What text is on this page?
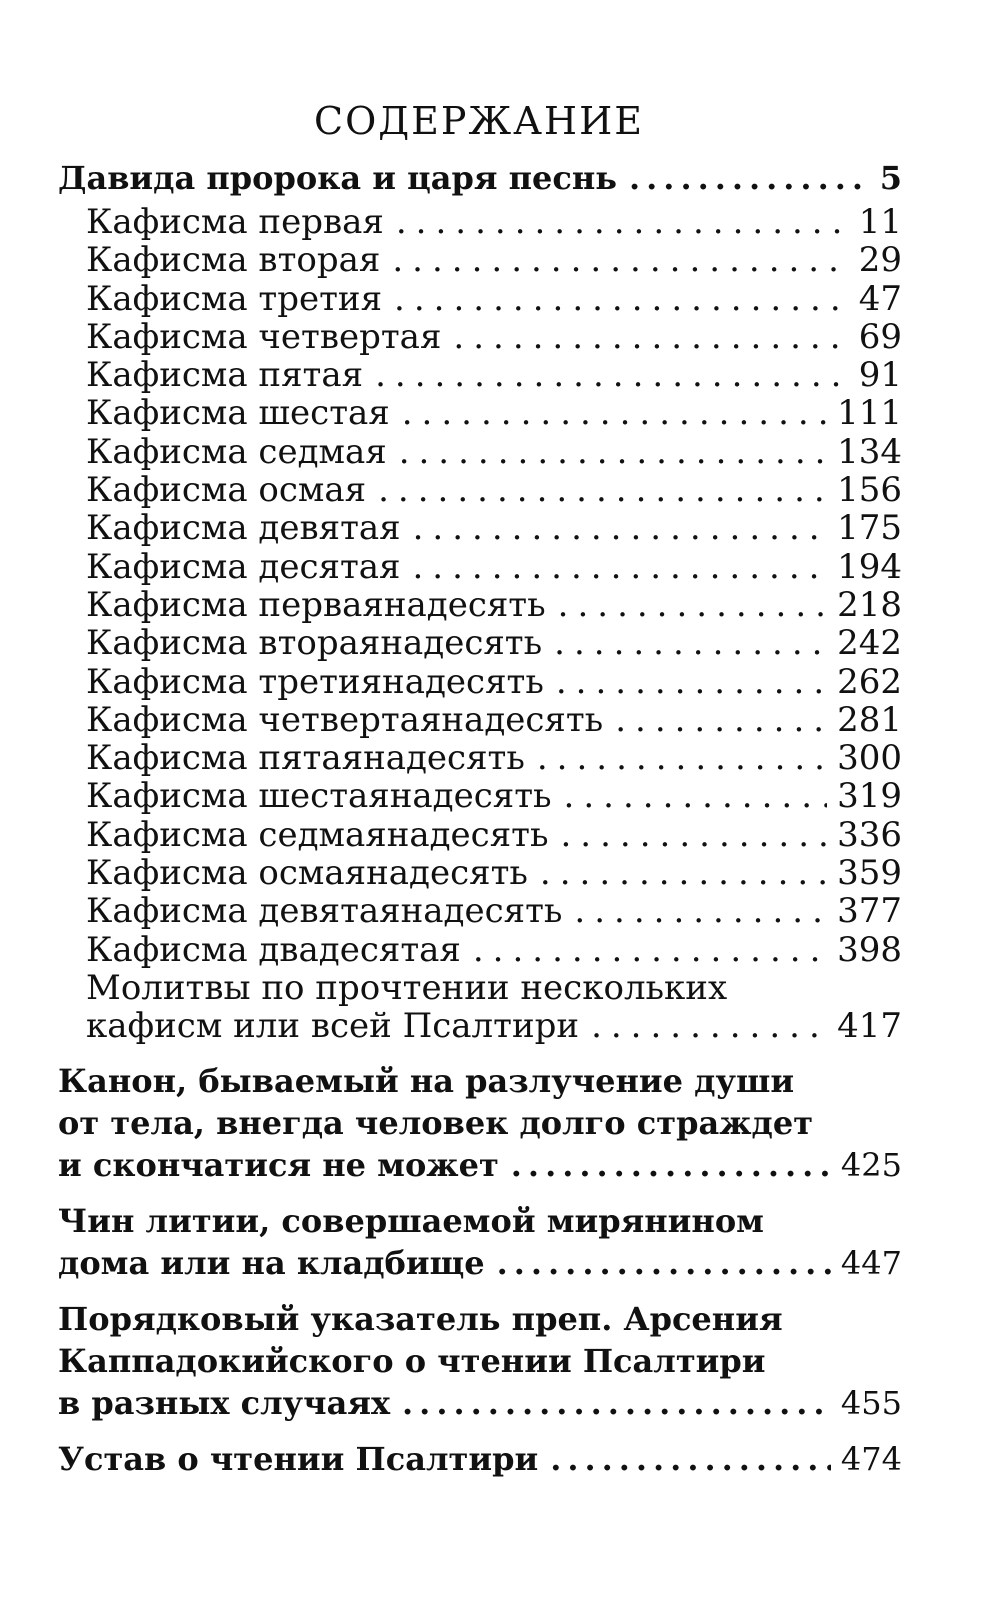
СОДЕРЖАНИЕ
Давида пророка и царя песнь .....	5
Кафисма первая .....	11
Кафисма вторая .....	29
Кафисма третия .....	47
Кафисма четвертая .....	69
Кафисма пятая .....	91
Кафисма шестая .....	111
Кафисма седмая .....	134
Кафисма осмая .....	156
Кафисма девятая .....	175
Кафисма десятая .....	194
Кафисма перваянадесять .....	218
Кафисма втораянадесять .....	242
Кафисма третиянадесять .....	262
Кафисма четвертаянадесять .....	281
Кафисма пятаянадесять .....	300
Кафисма шестаянадесять .....	319
Кафисма седмаянадесять .....	336
Кафисма осмаянадесять .....	359
Кафисма девятаянадесять .....	377
Кафисма двадесятая .....	398
Молитвы по прочтении нескольких
кафисм или всей Псалтири .....	417
Канон, бываемый на разлучение души
от тела, внегда человек долго страждет
и скончатися не может .....	425
Чин литии, совершаемой мирянином
дома или на кладбище .....	447
Порядковый указатель преп. Арсения
Каппадокийского о чтении Псалтири
в разных случаях .....	455
Устав о чтении Псалтири .....	474
